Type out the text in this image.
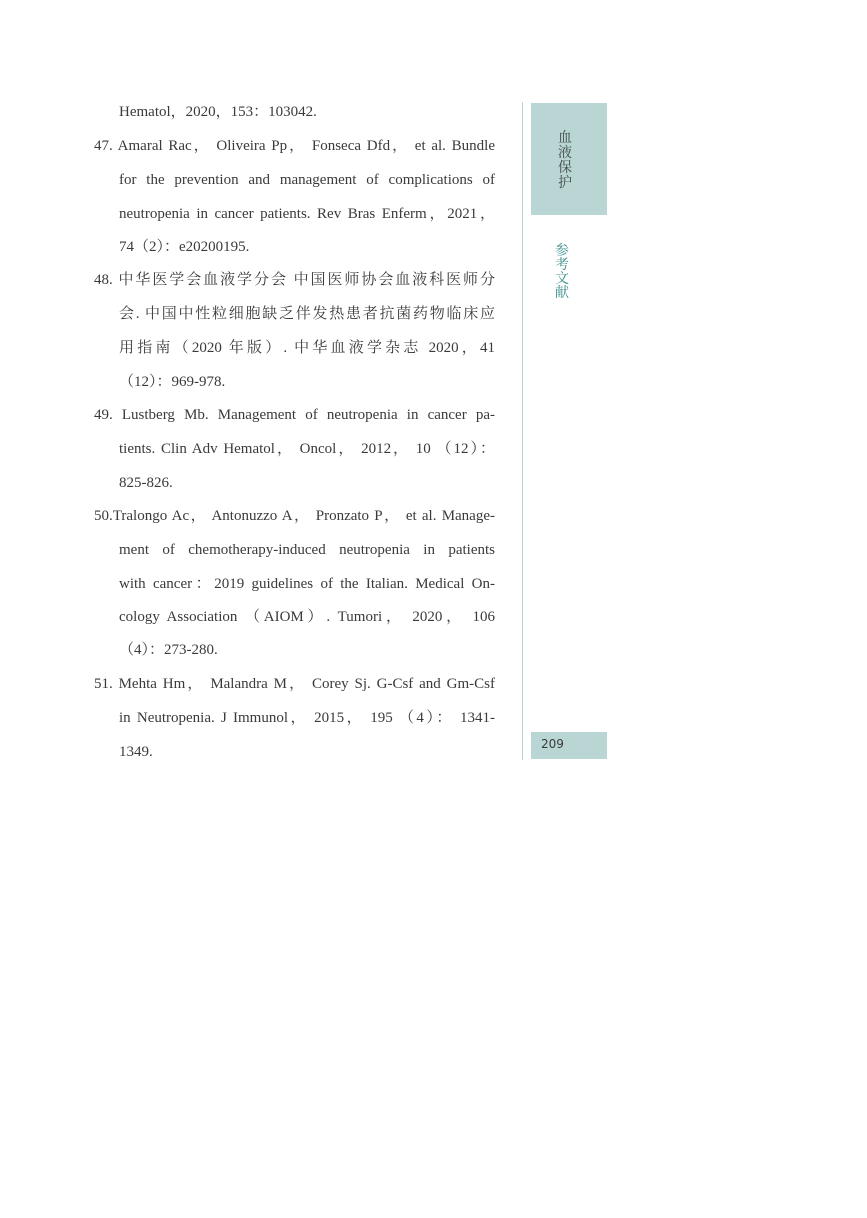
Hematol，2020，153：103042.
47. Amaral Rac， Oliveira Pp， Fonseca Dfd， et al. Bundle
for the prevention and management of complications of
neutropenia in cancer patients. Rev Bras Enferm，2021，
74（2）：e20200195.
48. 中华医学会血液学分会 中国医师协会血液科医师分
会. 中国中性粒细胞缺乏伴发热患者抗菌药物临床应
用指南（2020 年版）. 中华血液学杂志 2020，41
（12）：969-978.
49. Lustberg Mb. Management of neutropenia in cancer pa-
tients. Clin Adv Hematol， Oncol， 2012， 10 （12）：
825-826.
50.Tralongo Ac， Antonuzzo A， Pronzato P， et al. Manage-
ment of chemotherapy-induced neutropenia in patients
with cancer：2019 guidelines of the Italian. Medical On-
cology Association （AIOM）. Tumori， 2020， 106
（4）：273-280.
51. Mehta Hm， Malandra M， Corey Sj. G-Csf and Gm-Csf
in Neutropenia. J Immunol， 2015， 195 （4）： 1341-
1349.
血液保护
参考文献
209
